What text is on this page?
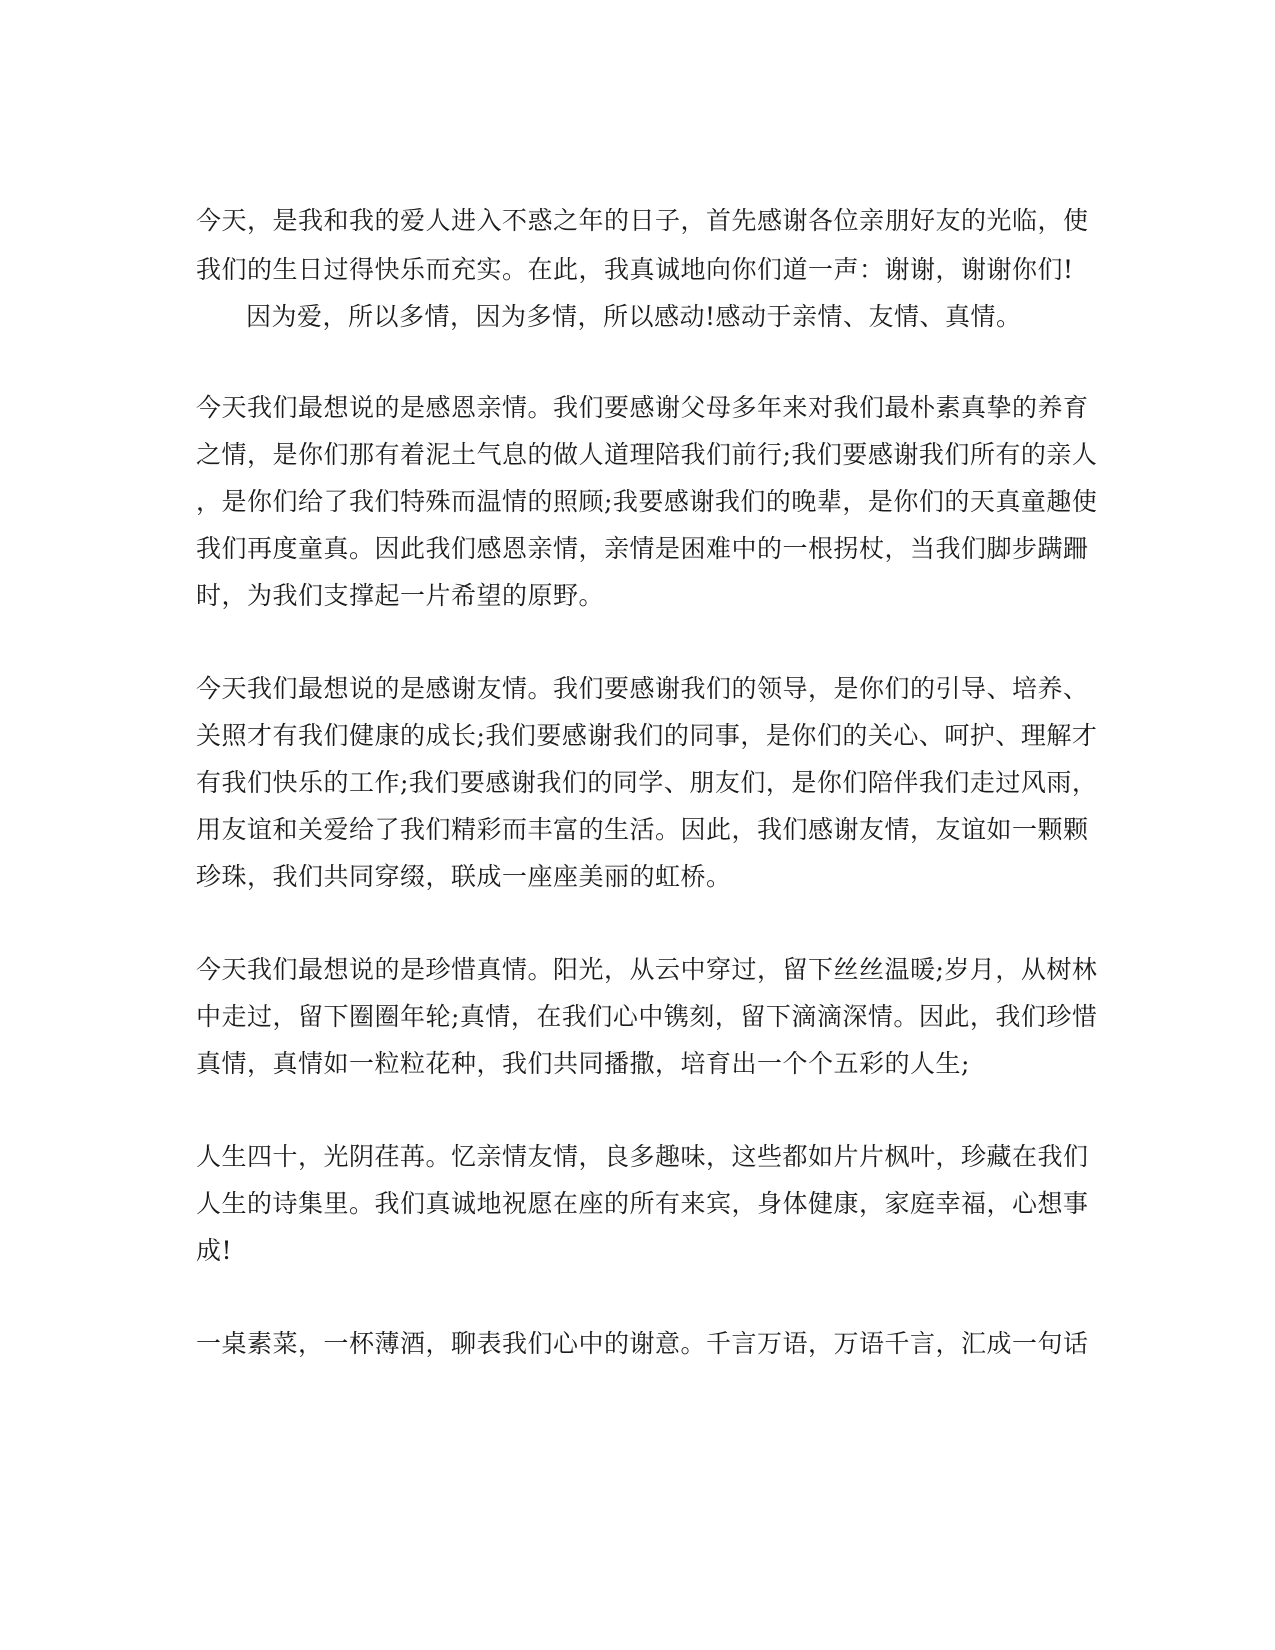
今天，是我和我的爱人进入不惑之年的日子，首先感谢各位亲朋好友的光临，使

我们的生日过得快乐而充实。在此，我真诚地向你们道一声：谢谢，谢谢你们!

因为爱，所以多情，因为多情，所以感动!感动于亲情、友情、真情。

今天我们最想说的是感恩亲情。我们要感谢父母多年来对我们最朴素真挚的养育

之情，是你们那有着泥土气息的做人道理陪我们前行;我们要感谢我们所有的亲人

，是你们给了我们特殊而温情的照顾;我要感谢我们的晚辈，是你们的天真童趣使

我们再度童真。因此我们感恩亲情，亲情是困难中的一根拐杖，当我们脚步蹒跚

时，为我们支撑起一片希望的原野。

今天我们最想说的是感谢友情。我们要感谢我们的领导，是你们的引导、培养、

关照才有我们健康的成长;我们要感谢我们的同事，是你们的关心、呵护、理解才

有我们快乐的工作;我们要感谢我们的同学、朋友们，是你们陪伴我们走过风雨，

用友谊和关爱给了我们精彩而丰富的生活。因此，我们感谢友情，友谊如一颗颗

珍珠，我们共同穿缀，联成一座座美丽的虹桥。

今天我们最想说的是珍惜真情。阳光，从云中穿过，留下丝丝温暖;岁月，从树林

中走过，留下圈圈年轮;真情，在我们心中镌刻，留下滴滴深情。因此，我们珍惜

真情，真情如一粒粒花种，我们共同播撒，培育出一个个五彩的人生;

人生四十，光阴荏苒。忆亲情友情，良多趣味，这些都如片片枫叶，珍藏在我们

人生的诗集里。我们真诚地祝愿在座的所有来宾，身体健康，家庭幸福，心想事

成!

一桌素菜，一杯薄酒，聊表我们心中的谢意。千言万语，万语千言，汇成一句话
